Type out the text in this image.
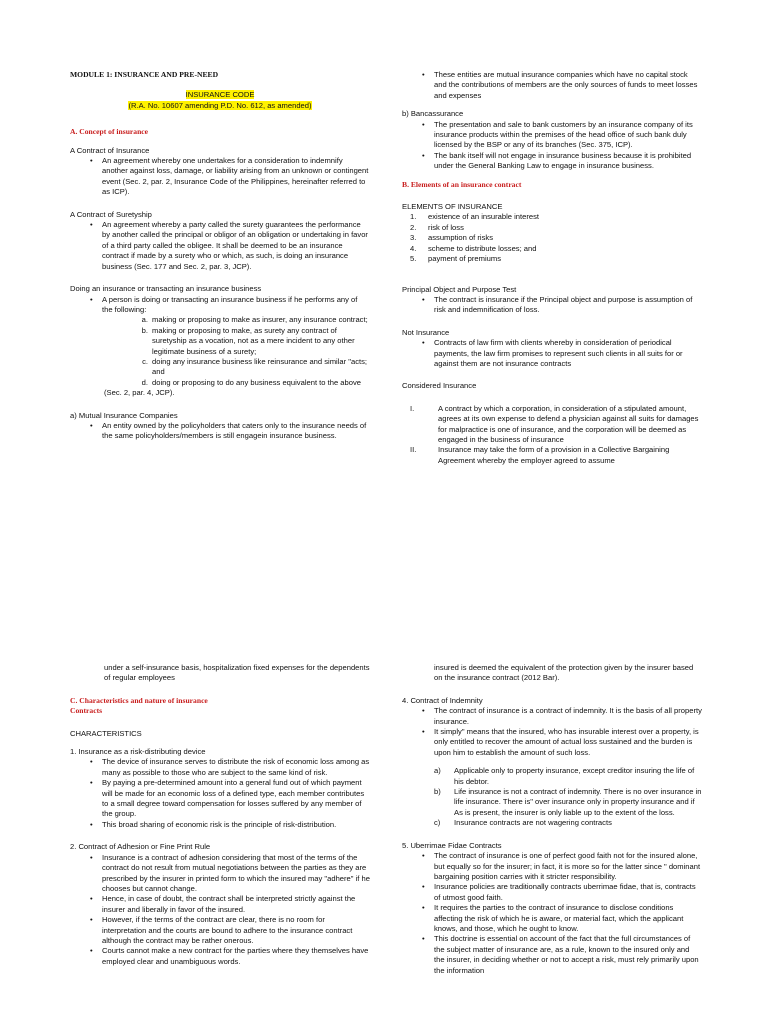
MODULE 1: INSURANCE AND PRE-NEED
INSURANCE CODE
(R.A. No. 10607 amending P.D. No. 612, as amended)
A. Concept of insurance
A Contract of Insurance
• An agreement whereby one undertakes for a consideration to indemnify another against loss, damage, or liability arising from an unknown or contingent event (Sec. 2, par. 2, Insurance Code of the Philippines, hereinafter referred to as ICP).
A Contract of Suretyship
• An agreement whereby a party called the surety guarantees the performance by another called the principal or obligor of an obligation or undertaking in favor of a third party called the obligee. It shall be deemed to be an insurance contract if made by a surety who or which, as such, is doing an insurance business (Sec. 177 and Sec. 2, par. 3, JCP).
Doing an insurance or transacting an insurance business
• A person is doing or transacting an insurance business if he performs any of the following:
a. making or proposing to make as insurer, any insurance contract;
b. making or proposing to make, as surety any contract of suretyship as a vocation, not as a mere incident to any other legitimate business of a surety;
c. doing any insurance business like reinsurance and similar "acts; and
d. doing or proposing to do any business equivalent to the above
(Sec. 2, par. 4, JCP).
a) Mutual Insurance Companies
• An entity owned by the policyholders that caters only to the insurance needs of the same policyholders/members is still engagein insurance business.
• These entities are mutual insurance companies which have no capital stock and the contributions of members are the only sources of funds to meet losses and expenses
b) Bancassurance
• The presentation and sale to bank customers by an insurance company of its insurance products within the premises of the head office of such bank duly licensed by the BSP or any of its branches (Sec. 375, ICP).
• The bank itself will not engage in insurance business because it is prohibited under the General Banking Law to engage in insurance business.
B. Elements of an insurance contract
ELEMENTS OF INSURANCE
1.	existence of an insurable interest
2.	risk of loss
3.	assumption of risks
4.	scheme to distribute losses; and
5.	payment of premiums
Principal Object and Purpose Test
• The contract is insurance if the Principal object and purpose is assumption of risk and indemnification of loss.
Not Insurance
• Contracts of law firm with clients whereby in consideration of periodical payments, the law firm promises to represent such clients in all suits for or against them are not insurance contracts
Considered Insurance
I.	A contract by which a corporation, in consideration of a stipulated amount, agrees at its own expense to defend a physician against all suits for damages for malpractice is one of insurance, and the corporation will be deemed as engaged in the business of insurance
II.	Insurance may take the form of a provision in a Collective Bargaining Agreement whereby the employer agreed to assume
under a self-insurance basis, hospitalization fixed expenses for the dependents of regular employees
C. Characteristics and nature of insurance
Contracts
CHARACTERISTICS
1. Insurance as a risk-distributing device
• The device of insurance serves to distribute the risk of economic loss among as many as possible to those who are subject to the same kind of risk.
• By paying a pre-determined amount into a general fund out of which payment will be made for an economic loss of a defined type, each member contributes to a small degree toward compensation for losses suffered by any member of the group.
• This broad sharing of economic risk is the principle of risk-distribution.
2. Contract of Adhesion or Fine Print Rule
• Insurance is a contract of adhesion considering that most of the terms of the contract do not result from mutual negotiations between the parties as they are prescribed by the insurer in printed form to which the insured may "adhere" if he chooses but cannot change.
• Hence, in case of doubt, the contract shall be interpreted strictly against the insurer and liberally in favor of the insured.
• However, if the terms of the contract are clear, there is no room for interpretation and the courts are bound to adhere to the insurance contract although the contract may be rather onerous.
• Courts cannot make a new contract for the parties where they themselves have employed clear and unambiguous words.
insured is deemed the equivalent of the protection given by the insurer based on the insurance contract (2012 Bar).
4. Contract of Indemnity
• The contract of insurance is a contract of indemnity. It is the basis of all property insurance.
• It simply" means that the insured, who has insurable interest over a property, is only entitled to recover the amount of actual loss sustained and the burden is upon him to establish the amount of such loss.
a)	Applicable only to property insurance, except creditor insuring the life of his debtor.
b)	Life insurance is not a contract of indemnity. There is no over insurance in life insurance. There is" over insurance only in property insurance and if As is present, the insurer is only liable up to the extent of the loss.
c)	Insurance contracts are not wagering contracts
5. Uberrimae Fidae Contracts
• The contract of insurance is one of perfect good faith not for the insured alone, but equally so for the insurer; in fact, it is more so for the latter since " dominant bargaining position carries with it stricter responsibility.
• Insurance policies are traditionally contracts uberrimae fidae, that is, contracts of utmost good faith.
• It requires the parties to the contract of insurance to disclose conditions affecting the risk of which he is aware, or material fact, which the applicant knows, and those, which he ought to know.
• This doctrine is essential on account of the fact that the full circumstances of the subject matter of insurance are, as a rule, known to the insured only and the insurer, in deciding whether or not to accept a risk, must rely primarily upon the information
